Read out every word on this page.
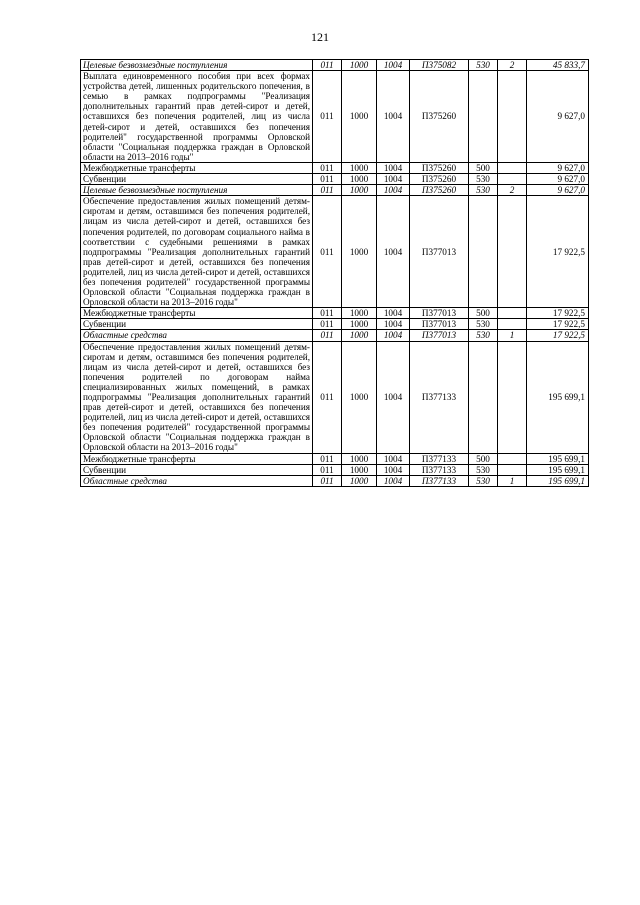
121
Целевые безвозмездные поступления	011	1000	1004	П375082	530	2	45 833,7
Выплата единовременного пособия при всех формах устройства детей, лишенных родительского попечения, в семью в рамках подпрограммы "Реализация дополнительных гарантий прав детей-сирот и детей, оставшихся без попечения родителей, лиц из числа детей-сирот и детей, оставшихся без попечения родителей" государственной программы Орловской области "Социальная поддержка граждан в Орловской области на 2013–2016 годы"	011	1000	1004	П375260			9 627,0
Межбюджетные трансферты	011	1000	1004	П375260	500		9 627,0
Субвенции	011	1000	1004	П375260	530		9 627,0
Целевые безвозмездные поступления	011	1000	1004	П375260	530	2	9 627,0
Обеспечение предоставления жилых помещений детям-сиротам и детям, оставшимся без попечения родителей, лицам из числа детей-сирот и детей, оставшихся без попечения родителей, по договорам социального найма в соответствии с судебными решениями в рамках подпрограммы "Реализация дополнительных гарантий прав детей-сирот и детей, оставшихся без попечения родителей, лиц из числа детей-сирот и детей, оставшихся без попечения родителей" государственной программы Орловской области "Социальная поддержка граждан в Орловской области на 2013–2016 годы"	011	1000	1004	П377013			17 922,5
Межбюджетные трансферты	011	1000	1004	П377013	500		17 922,5
Субвенции	011	1000	1004	П377013	530		17 922,5
Областные средства	011	1000	1004	П377013	530	1	17 922,5
Обеспечение предоставления жилых помещений детям-сиротам и детям, оставшимся без попечения родителей, лицам из числа детей-сирот и детей, оставшихся без попечения родителей по договорам найма специализированных жилых помещений, в рамках подпрограммы "Реализация дополнительных гарантий прав детей-сирот и детей, оставшихся без попечения родителей, лиц из числа детей-сирот и детей, оставшихся без попечения родителей" государственной программы Орловской области "Социальная поддержка граждан в Орловской области на 2013–2016 годы"	011	1000	1004	П377133			195 699,1
Межбюджетные трансферты	011	1000	1004	П377133	500		195 699,1
Субвенции	011	1000	1004	П377133	530		195 699,1
Областные средства	011	1000	1004	П377133	530	1	195 699,1
